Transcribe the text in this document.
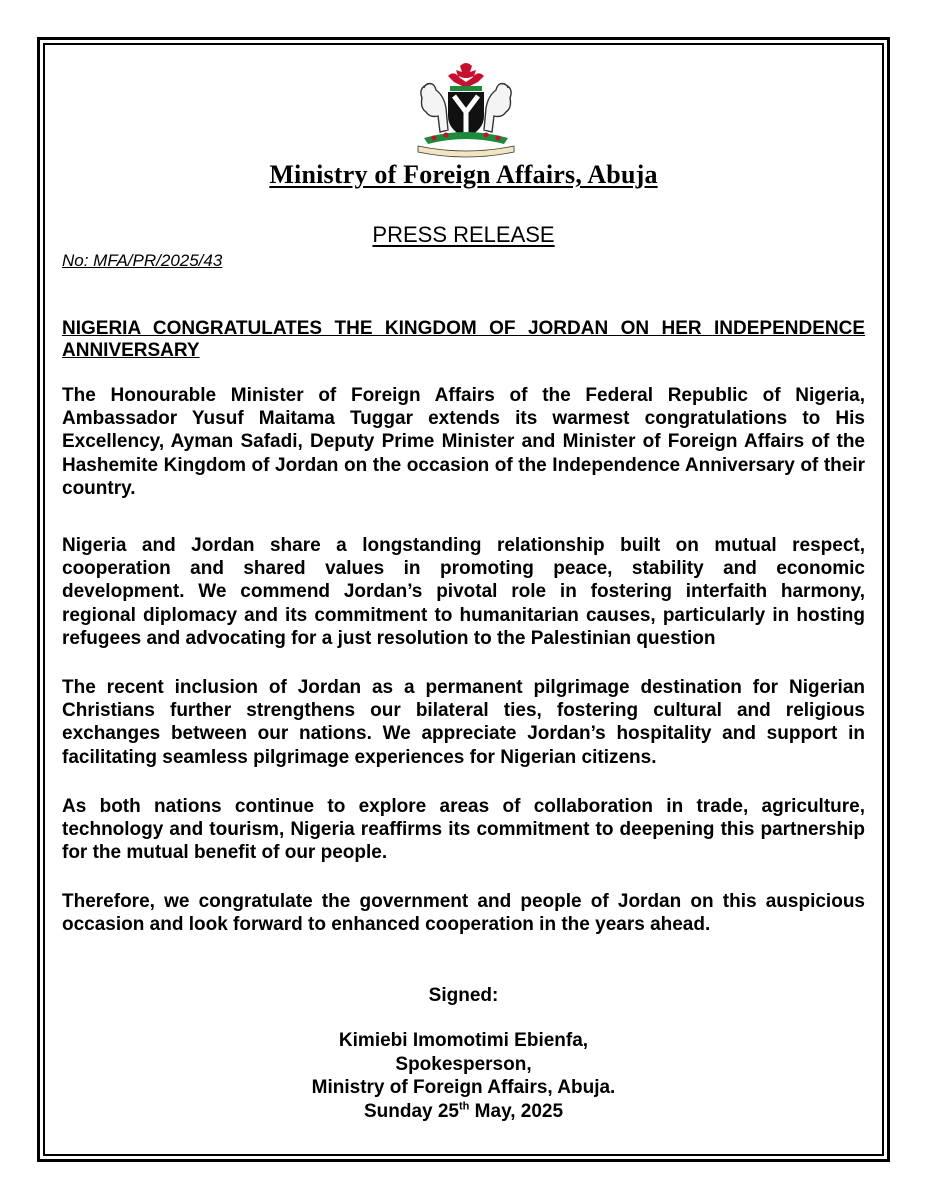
Ministry of Foreign Affairs, Abuja
PRESS RELEASE
No: MFA/PR/2025/43
NIGERIA CONGRATULATES THE KINGDOM OF JORDAN ON HER INDEPENDENCE ANNIVERSARY

The Honourable Minister of Foreign Affairs of the Federal Republic of Nigeria, Ambassador Yusuf Maitama Tuggar extends its warmest congratulations to His Excellency, Ayman Safadi, Deputy Prime Minister and Minister of Foreign Affairs of the Hashemite Kingdom of Jordan on the occasion of the Independence Anniversary of their country.

Nigeria and Jordan share a longstanding relationship built on mutual respect, cooperation and shared values in promoting peace, stability and economic development. We commend Jordan’s pivotal role in fostering interfaith harmony, regional diplomacy and its commitment to humanitarian causes, particularly in hosting refugees and advocating for a just resolution to the Palestinian question

The recent inclusion of Jordan as a permanent pilgrimage destination for Nigerian Christians further strengthens our bilateral ties, fostering cultural and religious exchanges between our nations. We appreciate Jordan’s hospitality and support in facilitating seamless pilgrimage experiences for Nigerian citizens.

As both nations continue to explore areas of collaboration in trade, agriculture, technology and tourism, Nigeria reaffirms its commitment to deepening this partnership for the mutual benefit of our people.

Therefore, we congratulate the government and people of Jordan on this auspicious occasion and look forward to enhanced cooperation in the years ahead.

Signed:
Kimiebi Imomotimi Ebienfa,
Spokesperson,
Ministry of Foreign Affairs, Abuja.
Sunday 25th May, 2025
